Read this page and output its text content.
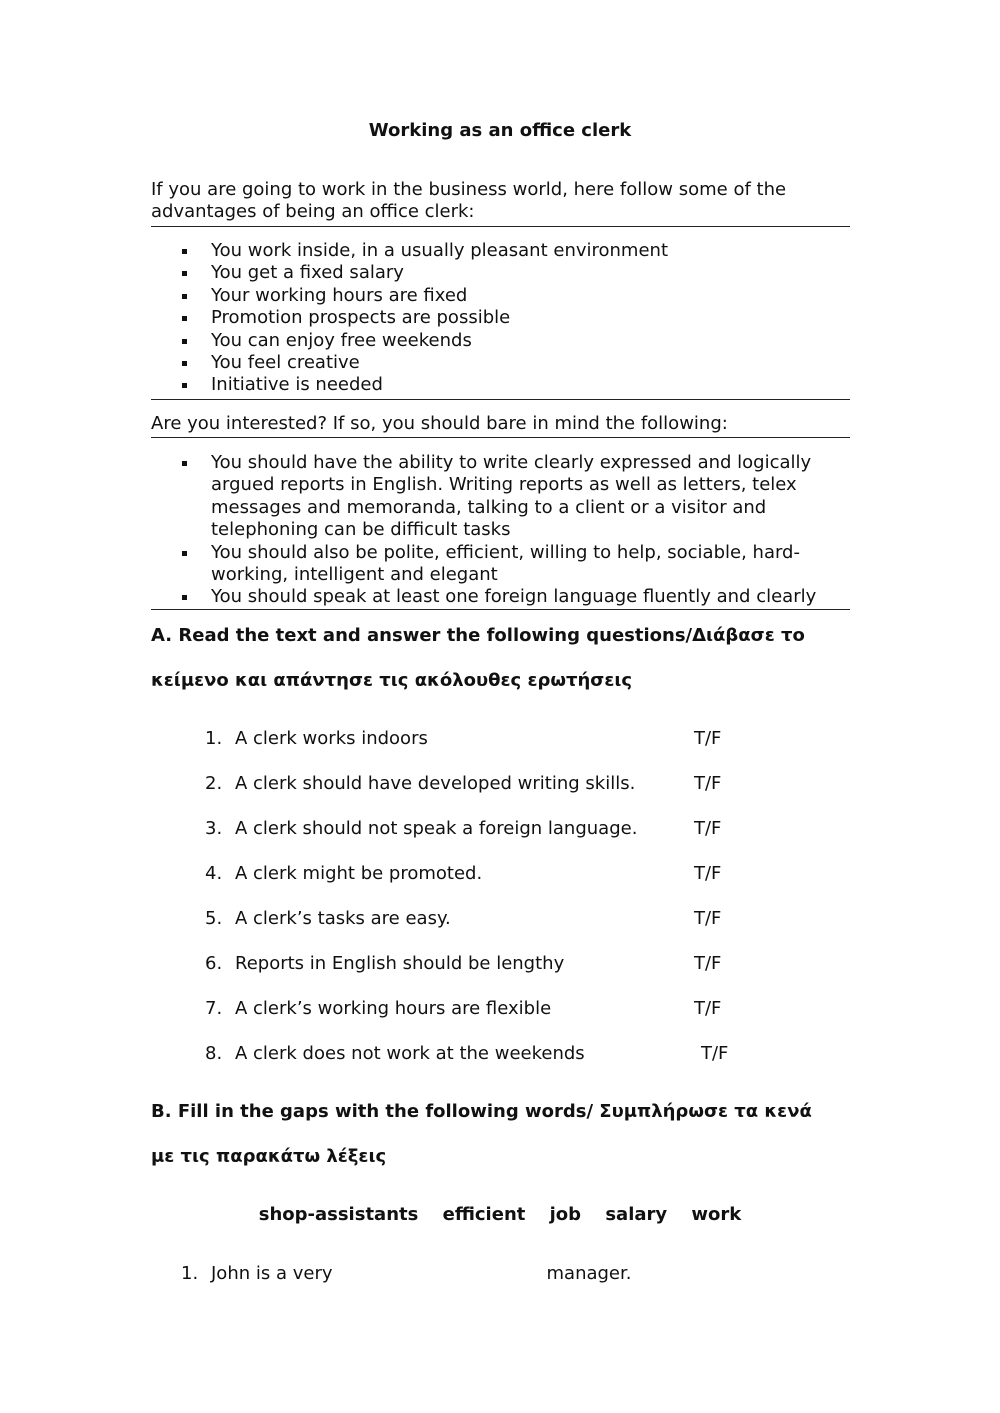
Working as an office clerk
If you are going to work in the business world, here follow some of the advantages of being an office clerk:
You work inside, in a usually pleasant environment
You get a fixed salary
Your working hours are fixed
Promotion prospects are possible
You can enjoy free weekends
You feel creative
Initiative is needed
Are you interested? If so, you should bare in mind the following:
You should have the ability to write clearly expressed and logically argued reports in English. Writing reports as well as letters, telex messages and memoranda, talking to a client or a visitor and telephoning can be difficult tasks
You should also be polite, efficient, willing to help, sociable, hard-working, intelligent and elegant
You should speak at least one foreign language fluently and clearly
A. Read the text and answer the following questions/Διάβασε το
κείμενο και απάντησε τις ακόλουθες ερωτήσεις
1. A clerk works indoors	T/F
2. A clerk should have developed writing skills.	T/F
3. A clerk should not speak a foreign language.	T/F
4. A clerk might be promoted.	T/F
5. A clerk’s tasks are easy.	T/F
6. Reports in English should be lengthy	T/F
7. A clerk’s working hours are flexible	T/F
8. A clerk does not work at the weekends	T/F
B. Fill in the gaps with the following words/ Συμπλήρωσε τα κενά
με τις παρακάτω λέξεις
shop-assistants efficient job salary work
1. John is a very	manager.
